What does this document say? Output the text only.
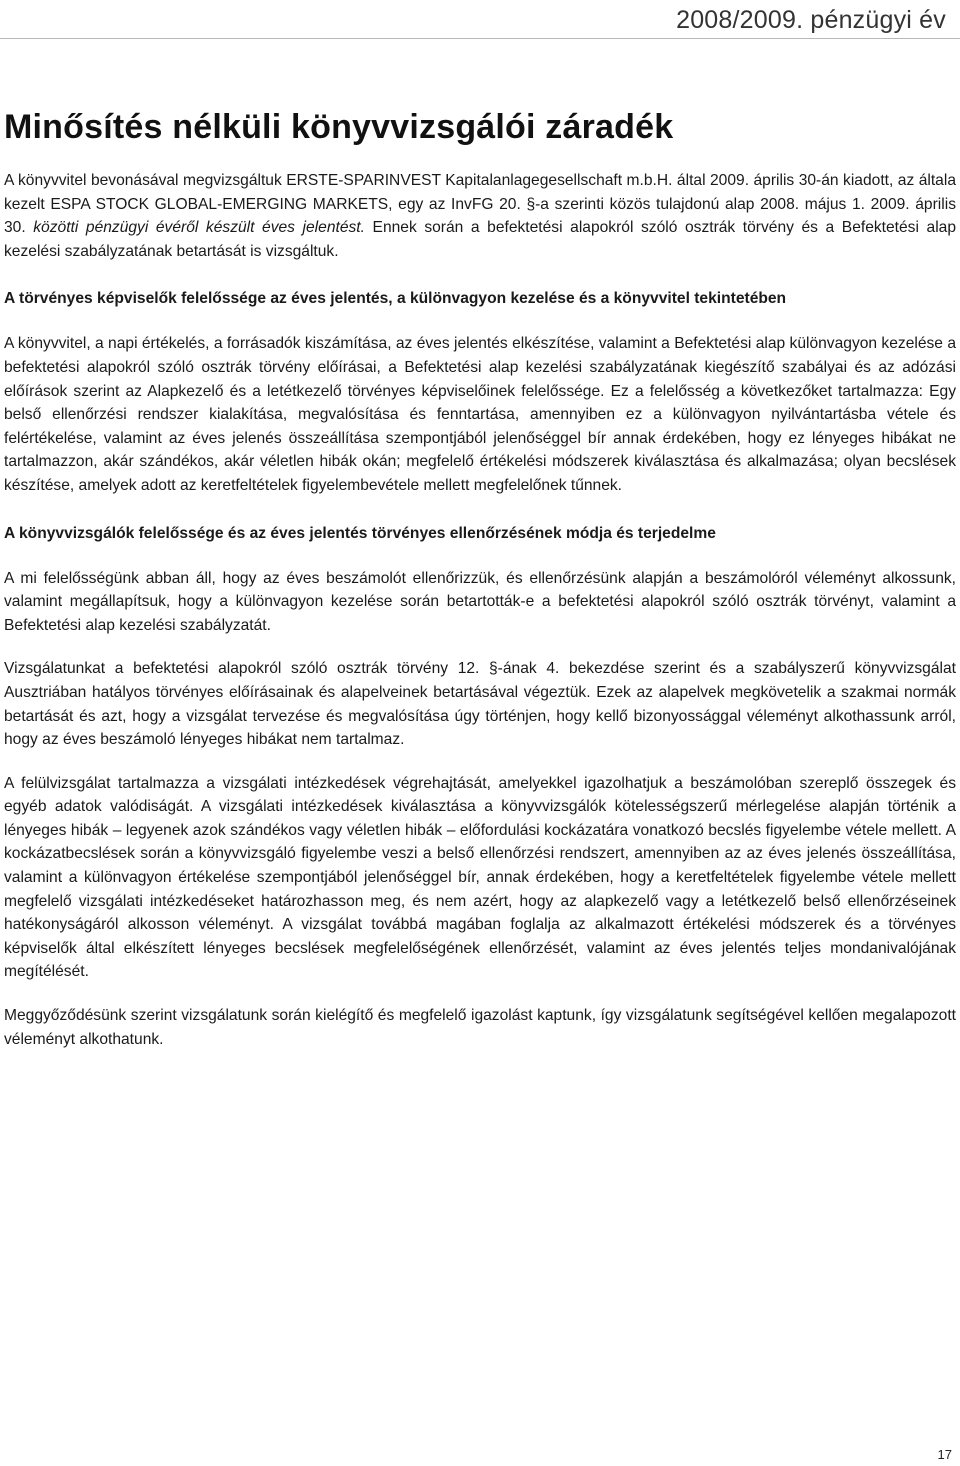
2008/2009. pénzügyi év
Minősítés nélküli könyvvizsgálói záradék

A könyvvitel bevonásával megvizsgáltuk ERSTE-SPARINVEST Kapitalanlagegesellschaft m.b.H. által 2009. április 30-án kiadott, az általa kezelt ESPA STOCK GLOBAL-EMERGING MARKETS, egy az InvFG 20. §-a szerinti közös tulajdonú alap 2008. május 1. 2009. április 30. közötti pénzügyi évéről készült éves jelentést. Ennek során a befektetési alapokról szóló osztrák törvény és a Befektetési alap kezelési szabályzatának betartását is vizsgáltuk.

A törvényes képviselők felelőssége az éves jelentés, a különvagyon kezelése és a könyvvitel tekintetében

A könyvvitel, a napi értékelés, a forrásadók kiszámítása, az éves jelentés elkészítése, valamint a Befektetési alap különvagyon kezelése a befektetési alapokról szóló osztrák törvény előírásai, a Befektetési alap kezelési szabályzatának kiegészítő szabályai és az adózási előírások szerint az Alapkezelő és a letétkezelő törvényes képviselőinek felelőssége. Ez a felelősség a következőket tartalmazza: Egy belső ellenőrzési rendszer kialakítása, megvalósítása és fenntartása, amennyiben ez a különvagyon nyilvántartásba vétele és felértékelése, valamint az éves jelenés összeállítása szempontjából jelenőséggel bír annak érdekében, hogy ez lényeges hibákat ne tartalmazzon, akár szándékos, akár véletlen hibák okán; megfelelő értékelési módszerek kiválasztása és alkalmazása; olyan becslések készítése, amelyek adott az keretfeltételek figyelembevétele mellett megfelelőnek tűnnek.

A könyvvizsgálók felelőssége és az éves jelentés törvényes ellenőrzésének módja és terjedelme

A mi felelősségünk abban áll, hogy az éves beszámolót ellenőrizzük, és ellenőrzésünk alapján a beszámolóról véleményt alkossunk, valamint megállapítsuk, hogy a különvagyon kezelése során betartották-e a befektetési alapokról szóló osztrák törvényt, valamint a Befektetési alap kezelési szabályzatát.

Vizsgálatunkat a befektetési alapokról szóló osztrák törvény 12. §-ának 4. bekezdése szerint és a szabályszerű könyvvizsgálat Ausztriában hatályos törvényes előírásainak és alapelveinek betartásával végeztük. Ezek az alapelvek megkövetelik a szakmai normák betartását és azt, hogy a vizsgálat tervezése és megvalósítása úgy történjen, hogy kellő bizonyossággal véleményt alkothassunk arról, hogy az éves beszámoló lényeges hibákat nem tartalmaz.

A felülvizsgálat tartalmazza a vizsgálati intézkedések végrehajtását, amelyekkel igazolhatjuk a beszámolóban szereplő összegek és egyéb adatok valódiságát. A vizsgálati intézkedések kiválasztása a könyvvizsgálók kötelességszerű mérlegelése alapján történik a lényeges hibák – legyenek azok szándékos vagy véletlen hibák – előfordulási kockázatára vonatkozó becslés figyelembe vétele mellett. A kockázatbecslések során a könyvvizsgáló figyelembe veszi a belső ellenőrzési rendszert, amennyiben az az éves jelenés összeállítása, valamint a különvagyon értékelése szempontjából jelenőséggel bír, annak érdekében, hogy a keretfeltételek figyelembe vétele mellett megfelelő vizsgálati intézkedéseket határozhasson meg, és nem azért, hogy az alapkezelő vagy a letétkezelő belső ellenőrzéseinek hatékonyságáról alkosson véleményt. A vizsgálat továbbá magában foglalja az alkalmazott értékelési módszerek és a törvényes képviselők által elkészített lényeges becslések megfelelőségének ellenőrzését, valamint az éves jelentés teljes mondanivalójának megítélését.

Meggyőződésünk szerint vizsgálatunk során kielégítő és megfelelő igazolást kaptunk, így vizsgálatunk segítségével kellően megalapozott véleményt alkothatunk.

17
